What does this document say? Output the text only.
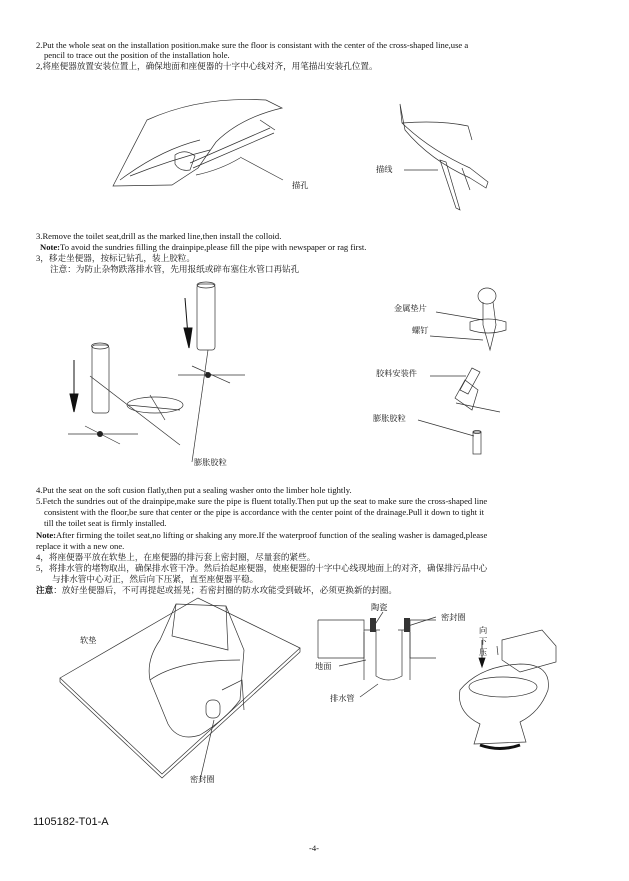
2.Put the whole seat on the installation position.make sure the floor is consistant with the center of the cross-shaped line,use a
pencil to trace out the position of the installation hole.
2,将座便器放置安装位置上，确保地面和座便器的十字中心线对齐，用笔描出安装孔位置。
描孔
描线
3.Remove the toilet seat,drill as the marked line,then install the colloid.
Note:To avoid the sundries filling the drainpipe,please fill the pipe with newspaper or rag first.
3，移走坐便器，按标记钻孔，装上胶粒。
注意：为防止杂物跌落排水管，先用报纸或碎布塞住水管口再钻孔
金属垫片
螺钉
胶料安装件
膨胀胶粒
膨胀胶粒
4.Put the seat on the soft cusion flatly,then put a sealing washer onto the limber hole tightly.
5.Fetch the sundries out of the drainpipe,make sure the pipe is fluent totally.Then put up the seat to make sure the cross-shaped line
consistent with the floor,be sure that center or the pipe is accordance with the center point of the drainage.Pull it down to tight it
till the toilet seat is firmly installed.
Note:After firming the toilet seat,no lifting or shaking any more.If the waterproof function of the sealing washer is damaged,please
replace it with a new one.
4，将座便器平放在软垫上，在座便器的排污套上密封圈，尽量套的紧些。
5，将排水管的堵物取出，确保排水管干净。然后抬起座便器，使座便器的十字中心线现地面上的对齐，确保排污品中心
与排水管中心对正，然后向下压紧，直至座便器平稳。
注意：放好坐便器后，不可再提起或摇晃；若密封圈的防水攻能受到破坏，必须更换新的封圈。
软垫
陶瓷
密封圈
向
下
压
地面
排水管
密封圈
1105182-T01-A
-4-
